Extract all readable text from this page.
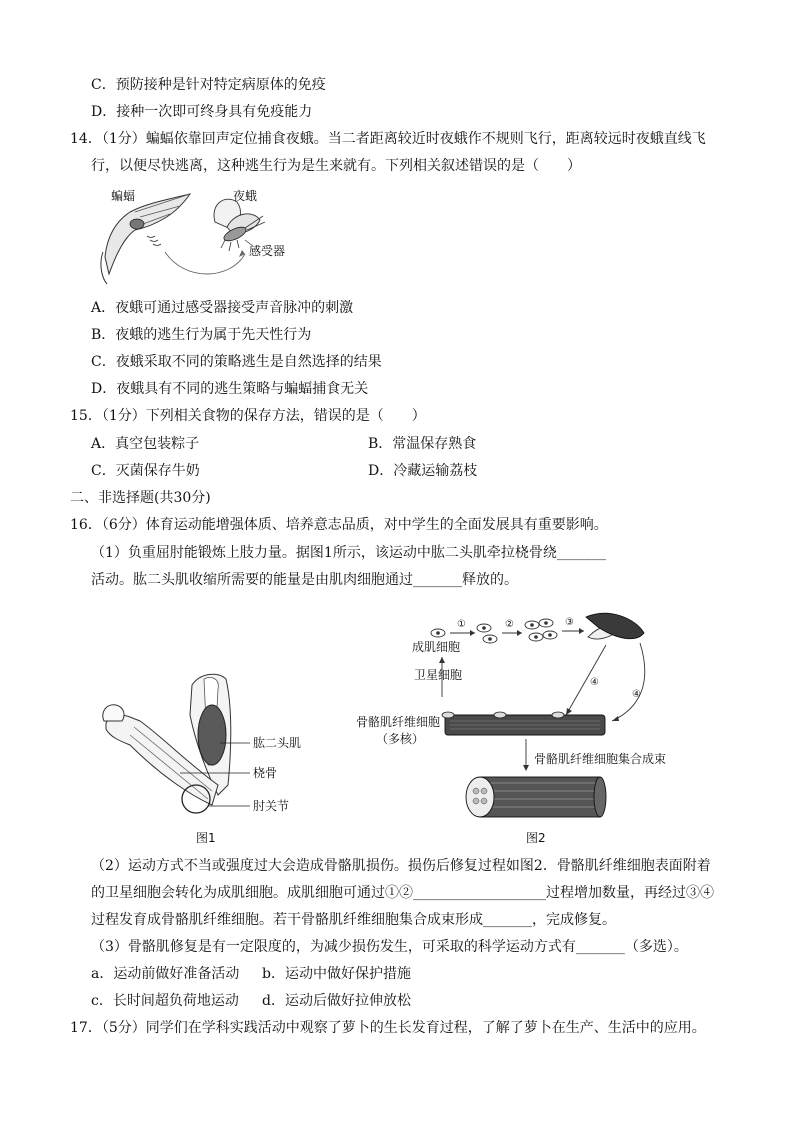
C．预防接种是针对特定病原体的免疫
D．接种一次即可终身具有免疫能力
14．（1分）蝙蝠依靠回声定位捕食夜蛾。当二者距离较近时夜蛾作不规则飞行，距离较远时夜蛾直线飞
行，以便尽快逃离，这种逃生行为是生来就有。下列相关叙述错误的是（　　）
蝙蝠	夜蛾
感受器
A．夜蛾可通过感受器接受声音脉冲的刺激
B．夜蛾的逃生行为属于先天性行为
C．夜蛾采取不同的策略逃生是自然选择的结果
D．夜蛾具有不同的逃生策略与蝙蝠捕食无关
15．（1分）下列相关食物的保存方法，错误的是（　　）
A．真空包装粽子	B．常温保存熟食
C．灭菌保存牛奶	D．冷藏运输荔枝
二、非选择题(共30分)
16．（6分）体育运动能增强体质、培养意志品质，对中学生的全面发展具有重要影响。
（1）负重屈肘能锻炼上肢力量。据图1所示，该运动中肱二头肌牵拉桡骨绕_______
活动。肱二头肌收缩所需要的能量是由肌肉细胞通过_______释放的。
肱二头肌
桡骨
肘关节
图1
①	②	③
④
④
成肌细胞
卫星细胞
骨骼肌纤维细胞
（多核）
骨骼肌纤维细胞集合成束
图2
（2）运动方式不当或强度过大会造成骨骼肌损伤。损伤后修复过程如图2．骨骼肌纤维细胞表面附着
的卫星细胞会转化为成肌细胞。成肌细胞可通过①②___________________过程增加数量，再经过③④
过程发育成骨骼肌纤维细胞。若干骨骼肌纤维细胞集合成束形成_______，完成修复。
（3）骨骼肌修复是有一定限度的，为减少损伤发生，可采取的科学运动方式有_______（多选）。
a．运动前做好准备活动 b．运动中做好保护措施
c．长时间超负荷地运动 d．运动后做好拉伸放松
17．（5分）同学们在学科实践活动中观察了萝卜的生长发育过程，了解了萝卜在生产、生活中的应用。
